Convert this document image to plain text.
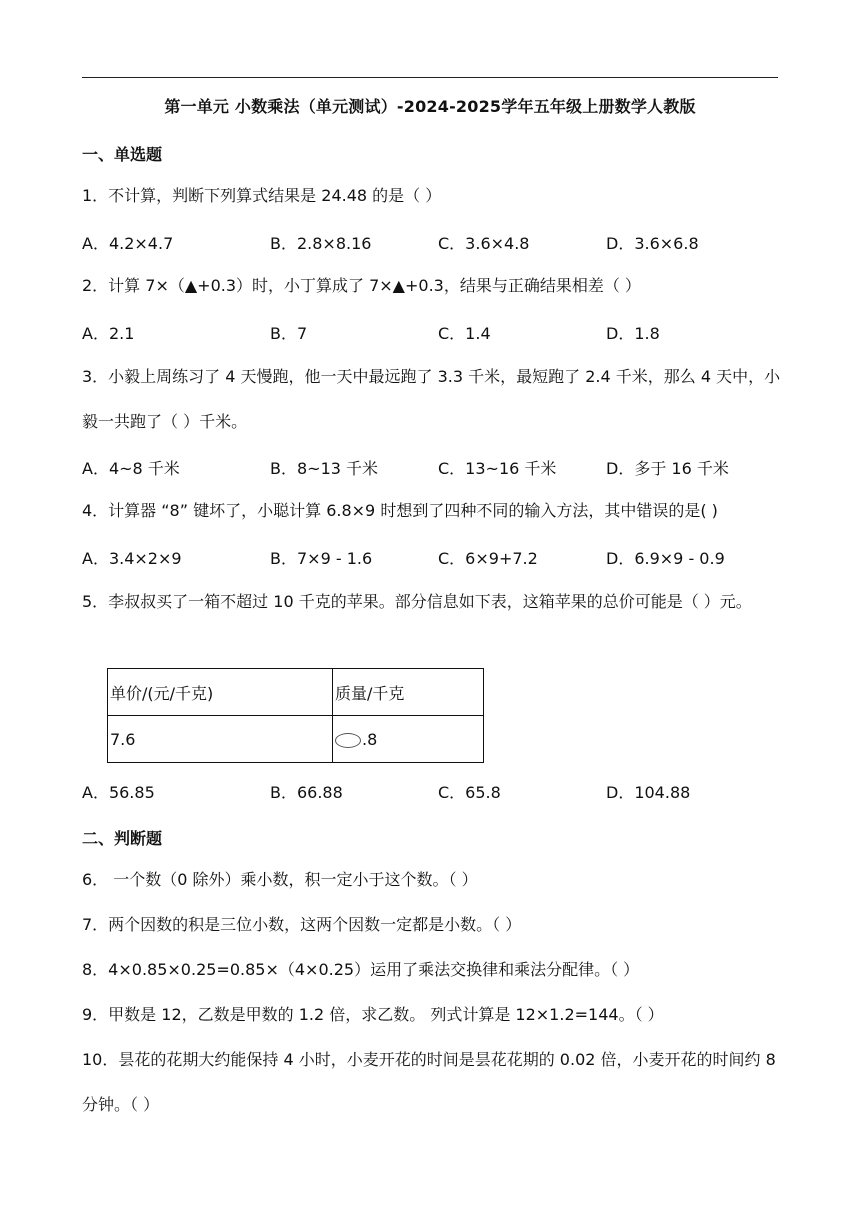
第一单元 小数乘法（单元测试）-2024-2025学年五年级上册数学人教版
一、单选题
1．不计算，判断下列算式结果是 24.48 的是（ ）
A．4.2×4.7	B．2.8×8.16	C．3.6×4.8	D．3.6×6.8
2．计算 7×（▲+0.3）时，小丁算成了 7×▲+0.3，结果与正确结果相差（ ）
A．2.1	B．7	C．1.4	D．1.8
3．小毅上周练习了 4 天慢跑，他一天中最远跑了 3.3 千米，最短跑了 2.4 千米，那么 4 天中，小毅一共跑了（ ）千米。
A．4~8 千米	B．8~13 千米	C．13~16 千米	D．多于 16 千米
4．计算器 “8” 键坏了，小聪计算 6.8×9 时想到了四种不同的输入方法，其中错误的是( )
A．3.4×2×9	B．7×9 - 1.6	C．6×9+7.2	D．6.9×9 - 0.9
5．李叔叔买了一箱不超过 10 千克的苹果。部分信息如下表，这箱苹果的总价可能是（ ）元。
单价/(元/千克)	质量/千克
7.6	.8
A．56.85	B．66.88	C．65.8	D．104.88
二、判断题
6． 一个数（0 除外）乘小数，积一定小于这个数。（ ）
7．两个因数的积是三位小数，这两个因数一定都是小数。（ ）
8．4×0.85×0.25=0.85×（4×0.25）运用了乘法交换律和乘法分配律。（ ）
9．甲数是 12，乙数是甲数的 1.2 倍，求乙数。 列式计算是 12×1.2=144。（ ）
10．昙花的花期大约能保持 4 小时，小麦开花的时间是昙花花期的 0.02 倍，小麦开花的时间约 8 分钟。（ ）
